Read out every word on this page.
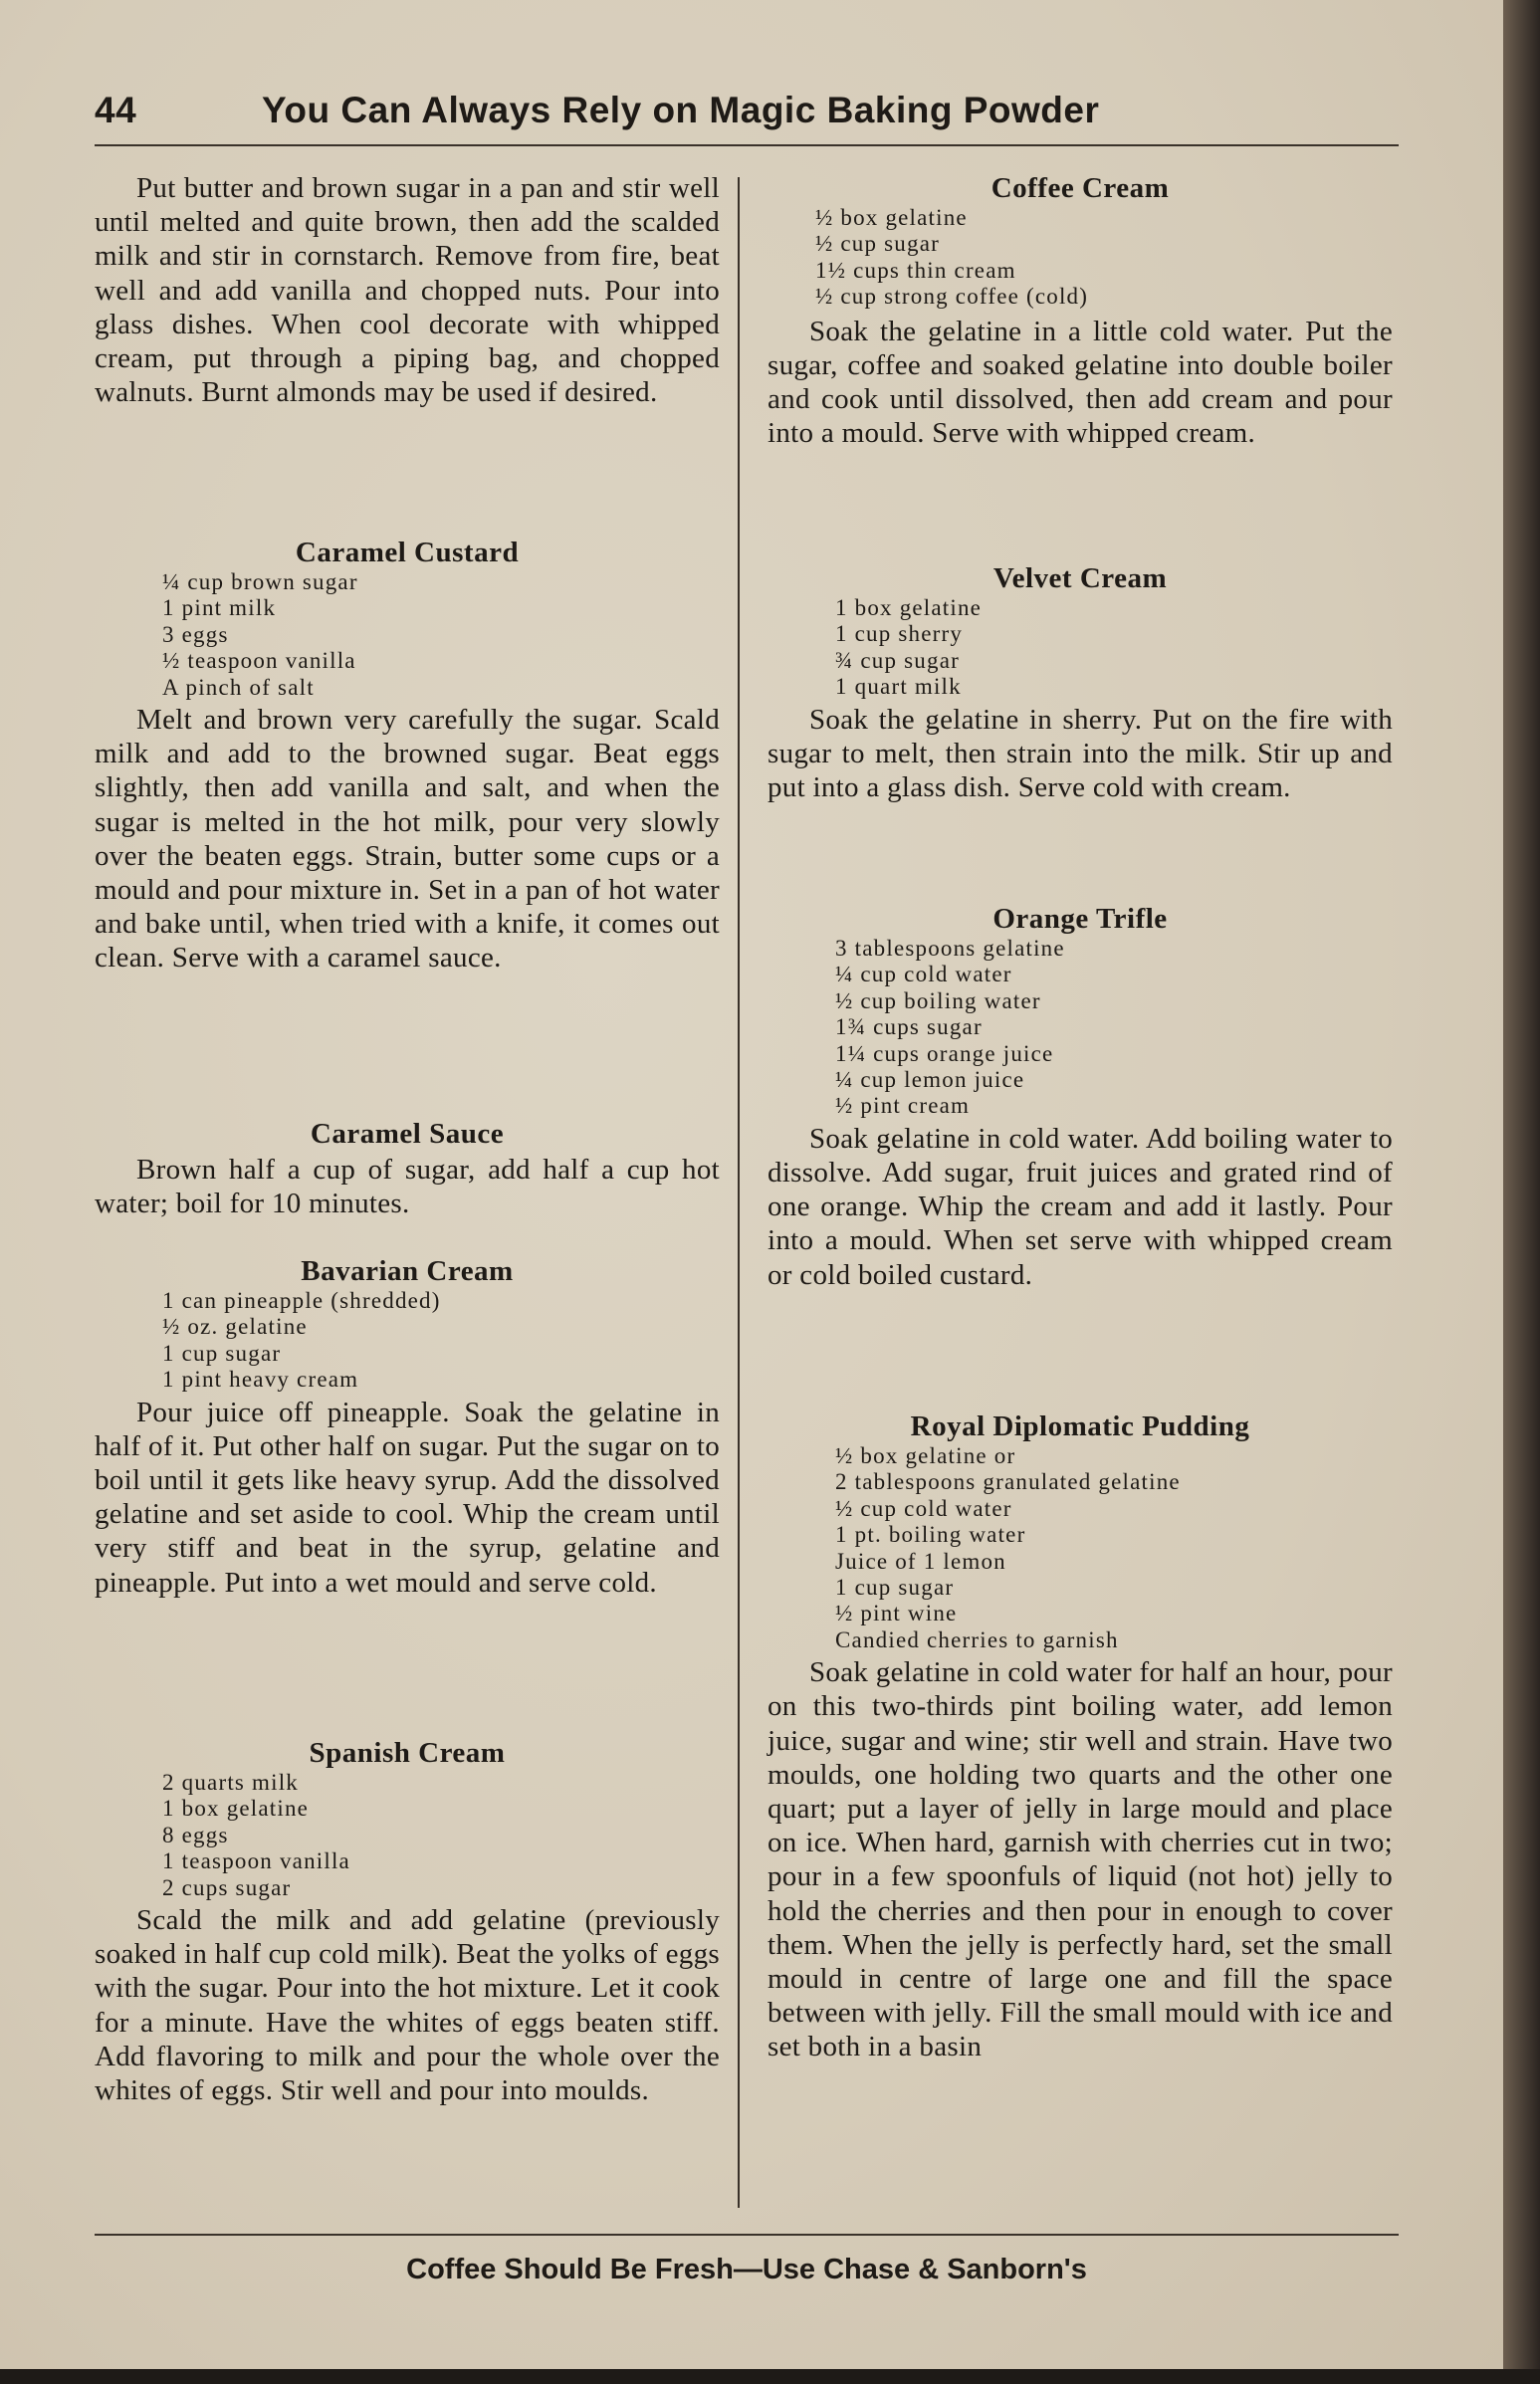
44	You Can Always Rely on Magic Baking Powder

Put butter and brown sugar in a pan and stir well until melted and quite brown, then add the scalded milk and stir in cornstarch. Remove from fire, beat well and add vanilla and chopped nuts. Pour into glass dishes. When cool decorate with whipped cream, put through a piping bag, and chopped walnuts. Burnt almonds may be used if desired.

Caramel Custard
¼ cup brown sugar
1 pint milk
3 eggs
½ teaspoon vanilla
A pinch of salt

Melt and brown very carefully the sugar. Scald milk and add to the browned sugar. Beat eggs slightly, then add vanilla and salt, and when the sugar is melted in the hot milk, pour very slowly over the beaten eggs. Strain, butter some cups or a mould and pour mixture in. Set in a pan of hot water and bake until, when tried with a knife, it comes out clean. Serve with a caramel sauce.

Caramel Sauce

Brown half a cup of sugar, add half a cup hot water; boil for 10 minutes.

Bavarian Cream
1 can pineapple (shredded)
½ oz. gelatine
1 cup sugar
1 pint heavy cream

Pour juice off pineapple. Soak the gelatine in half of it. Put other half on sugar. Put the sugar on to boil until it gets like heavy syrup. Add the dissolved gelatine and set aside to cool. Whip the cream until very stiff and beat in the syrup, gelatine and pineapple. Put into a wet mould and serve cold.

Spanish Cream
2 quarts milk
1 box gelatine
8 eggs
1 teaspoon vanilla
2 cups sugar

Scald the milk and add gelatine (previously soaked in half cup cold milk). Beat the yolks of eggs with the sugar. Pour into the hot mixture. Let it cook for a minute. Have the whites of eggs beaten stiff. Add flavoring to milk and pour the whole over the whites of eggs. Stir well and pour into moulds.

Coffee Cream
½ box gelatine
½ cup sugar
1½ cups thin cream
½ cup strong coffee (cold)

Soak the gelatine in a little cold water. Put the sugar, coffee and soaked gelatine into double boiler and cook until dissolved, then add cream and pour into a mould. Serve with whipped cream.

Velvet Cream
1 box gelatine
1 cup sherry
¾ cup sugar
1 quart milk

Soak the gelatine in sherry. Put on the fire with sugar to melt, then strain into the milk. Stir up and put into a glass dish. Serve cold with cream.

Orange Trifle
3 tablespoons gelatine
¼ cup cold water
½ cup boiling water
1¾ cups sugar
1¼ cups orange juice
¼ cup lemon juice
½ pint cream

Soak gelatine in cold water. Add boiling water to dissolve. Add sugar, fruit juices and grated rind of one orange. Whip the cream and add it lastly. Pour into a mould. When set serve with whipped cream or cold boiled custard.

Royal Diplomatic Pudding
½ box gelatine or
2 tablespoons granulated gelatine
½ cup cold water
1 pt. boiling water
Juice of 1 lemon
1 cup sugar
½ pint wine
Candied cherries to garnish

Soak gelatine in cold water for half an hour, pour on this two-thirds pint boiling water, add lemon juice, sugar and wine; stir well and strain. Have two moulds, one holding two quarts and the other one quart; put a layer of jelly in large mould and place on ice. When hard, garnish with cherries cut in two; pour in a few spoonfuls of liquid (not hot) jelly to hold the cherries and then pour in enough to cover them. When the jelly is perfectly hard, set the small mould in centre of large one and fill the space between with jelly. Fill the small mould with ice and set both in a basin

Coffee Should Be Fresh—Use Chase & Sanborn's
